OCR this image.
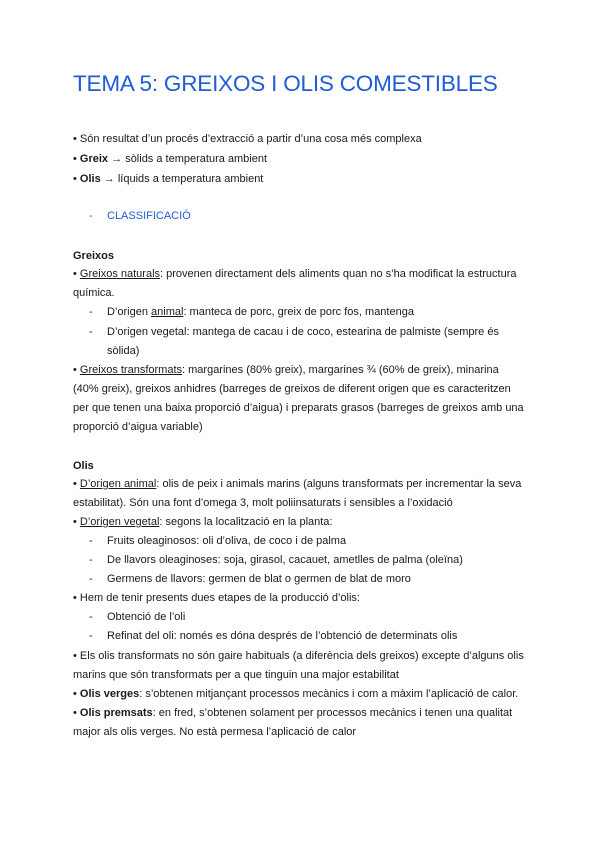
TEMA 5: GREIXOS I OLIS COMESTIBLES

• Són resultat d’un procés d’extracció a partir d’una cosa més complexa

• Greix → sòlids a temperatura ambient

• Olis → líquids a temperatura ambient

- CLASSIFICACIÓ

Greixos

• Greixos naturals: provenen directament dels aliments quan no s’ha modificat la estructura

química.

- D’origen animal: manteca de porc, greix de porc fos, mantenga

- D’origen vegetal: mantega de cacau i de coco, estearina de palmiste (sempre és

sòlida)

• Greixos transformats: margarines (80% greix), margarines ¾ (60% de greix), minarina

(40% greix), greixos anhidres (barreges de greixos de diferent origen que es caracteritzen

per que tenen una baixa proporció d’aigua) i preparats grasos (barreges de greixos amb una

proporció d’aigua variable)

Olis

• D’origen animal: olis de peix i animals marins (alguns transformats per incrementar la seva

estabilitat). Són una font d’omega 3, molt poliinsaturats i sensibles a l’oxidació

• D’origen vegetal: segons la localització en la planta:

- Fruits oleaginosos: oli d’oliva, de coco i de palma

- De llavors oleaginoses: soja, girasol, cacauet, ametlles de palma (oleïna)

- Germens de llavors: germen de blat o germen de blat de moro

• Hem de tenir presents dues etapes de la producció d’olis:

- Obtenció de l’oli

- Refinat del oli: només es dóna després de l’obtenció de determinats olis

• Els olis transformats no són gaire habituals (a diferència dels greixos) excepte d’alguns olis

marins que són transformats per a que tinguin una major estabilitat

• Olis verges: s’obtenen mitjançant processos mecànics i com a màxim l’aplicació de calor.

• Olis premsats: en fred, s’obtenen solament per processos mecànics i tenen una qualitat

major als olis verges. No està permesa l’aplicació de calor
